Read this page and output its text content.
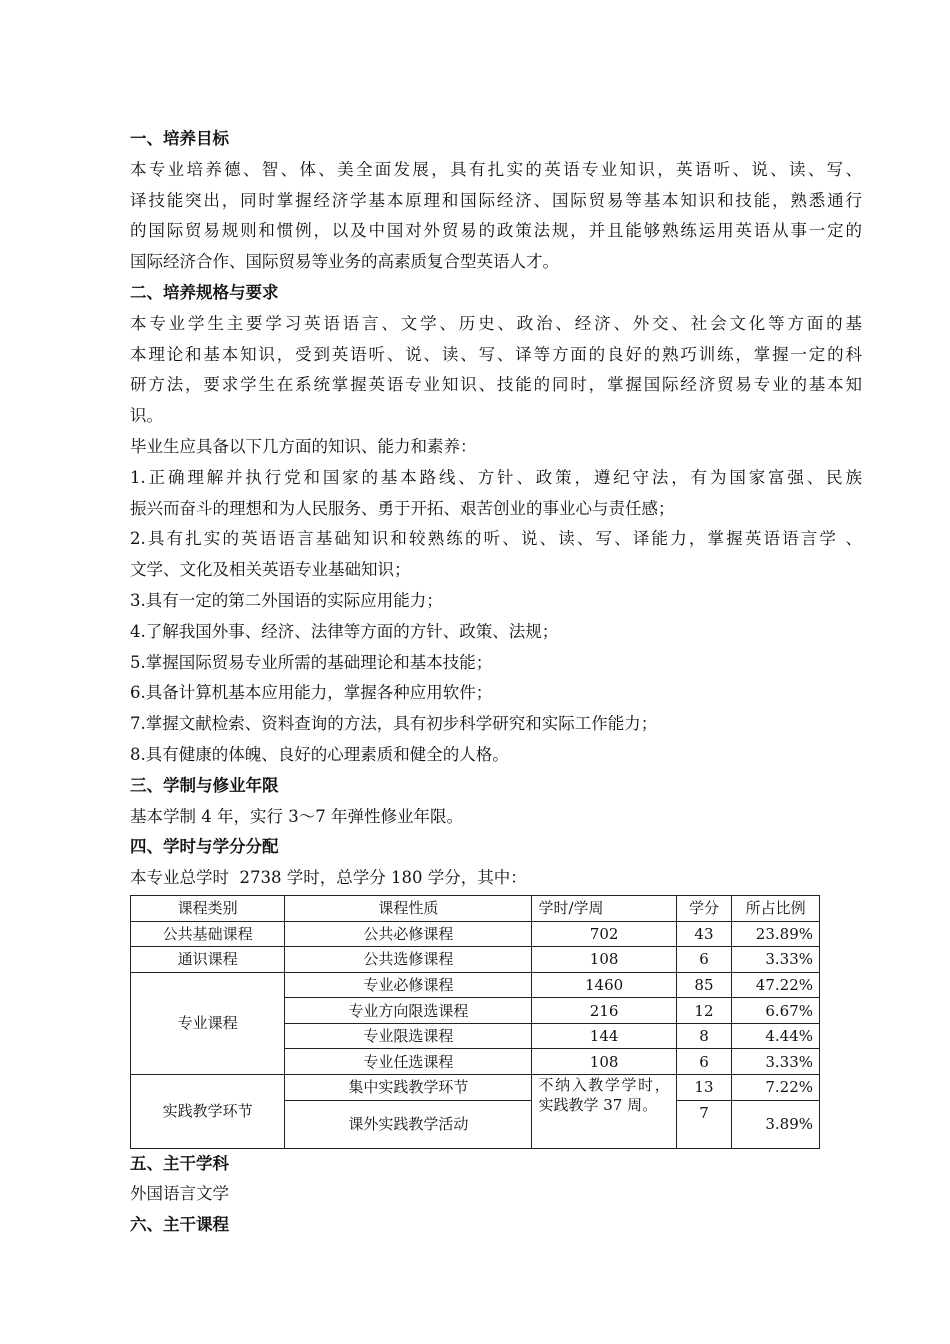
一、培养目标
本专业培养德、智、体、美全面发展，具有扎实的英语专业知识，英语听、说、读、写、
译技能突出，同时掌握经济学基本原理和国际经济、国际贸易等基本知识和技能，熟悉通行
的国际贸易规则和惯例，以及中国对外贸易的政策法规，并且能够熟练运用英语从事一定的
国际经济合作、国际贸易等业务的高素质复合型英语人才。
二、培养规格与要求
本专业学生主要学习英语语言、文学、历史、政治、经济、外交、社会文化等方面的基
本理论和基本知识，受到英语听、说、读、写、译等方面的良好的熟巧训练，掌握一定的科
研方法，要求学生在系统掌握英语专业知识、技能的同时，掌握国际经济贸易专业的基本知
识。
毕业生应具备以下几方面的知识、能力和素养：
1.正确理解并执行党和国家的基本路线、方针、政策，遵纪守法，有为国家富强、民族
振兴而奋斗的理想和为人民服务、勇于开拓、艰苦创业的事业心与责任感；
2.具有扎实的英语语言基础知识和较熟练的听、说、读、写、译能力，掌握英语语言学 、
文学、文化及相关英语专业基础知识；
3.具有一定的第二外国语的实际应用能力；
4.了解我国外事、经济、法律等方面的方针、政策、法规；
5.掌握国际贸易专业所需的基础理论和基本技能；
6.具备计算机基本应用能力，掌握各种应用软件；
7.掌握文献检索、资料查询的方法，具有初步科学研究和实际工作能力；
8.具有健康的体魄、良好的心理素质和健全的人格。
三、学制与修业年限
基本学制 4 年，实行 3～7 年弹性修业年限。
四、学时与学分分配
本专业总学时  2738 学时，总学分 180 学分，其中：
课程类别	课程性质	学时/学周	学分	所占比例
公共基础课程	公共必修课程	702	43	23.89%
通识课程	公共选修课程	108	6	3.33%
专业课程	专业必修课程	1460	85	47.22%
	专业方向限选课程	216	12	6.67%
	专业限选课程	144	8	4.44%
	专业任选课程	108	6	3.33%
实践教学环节	集中实践教学环节	不纳入教学学时，实践教学 37 周。	13	7.22%
	课外实践教学活动		7	3.89%
五、主干学科
外国语言文学
六、主干课程
